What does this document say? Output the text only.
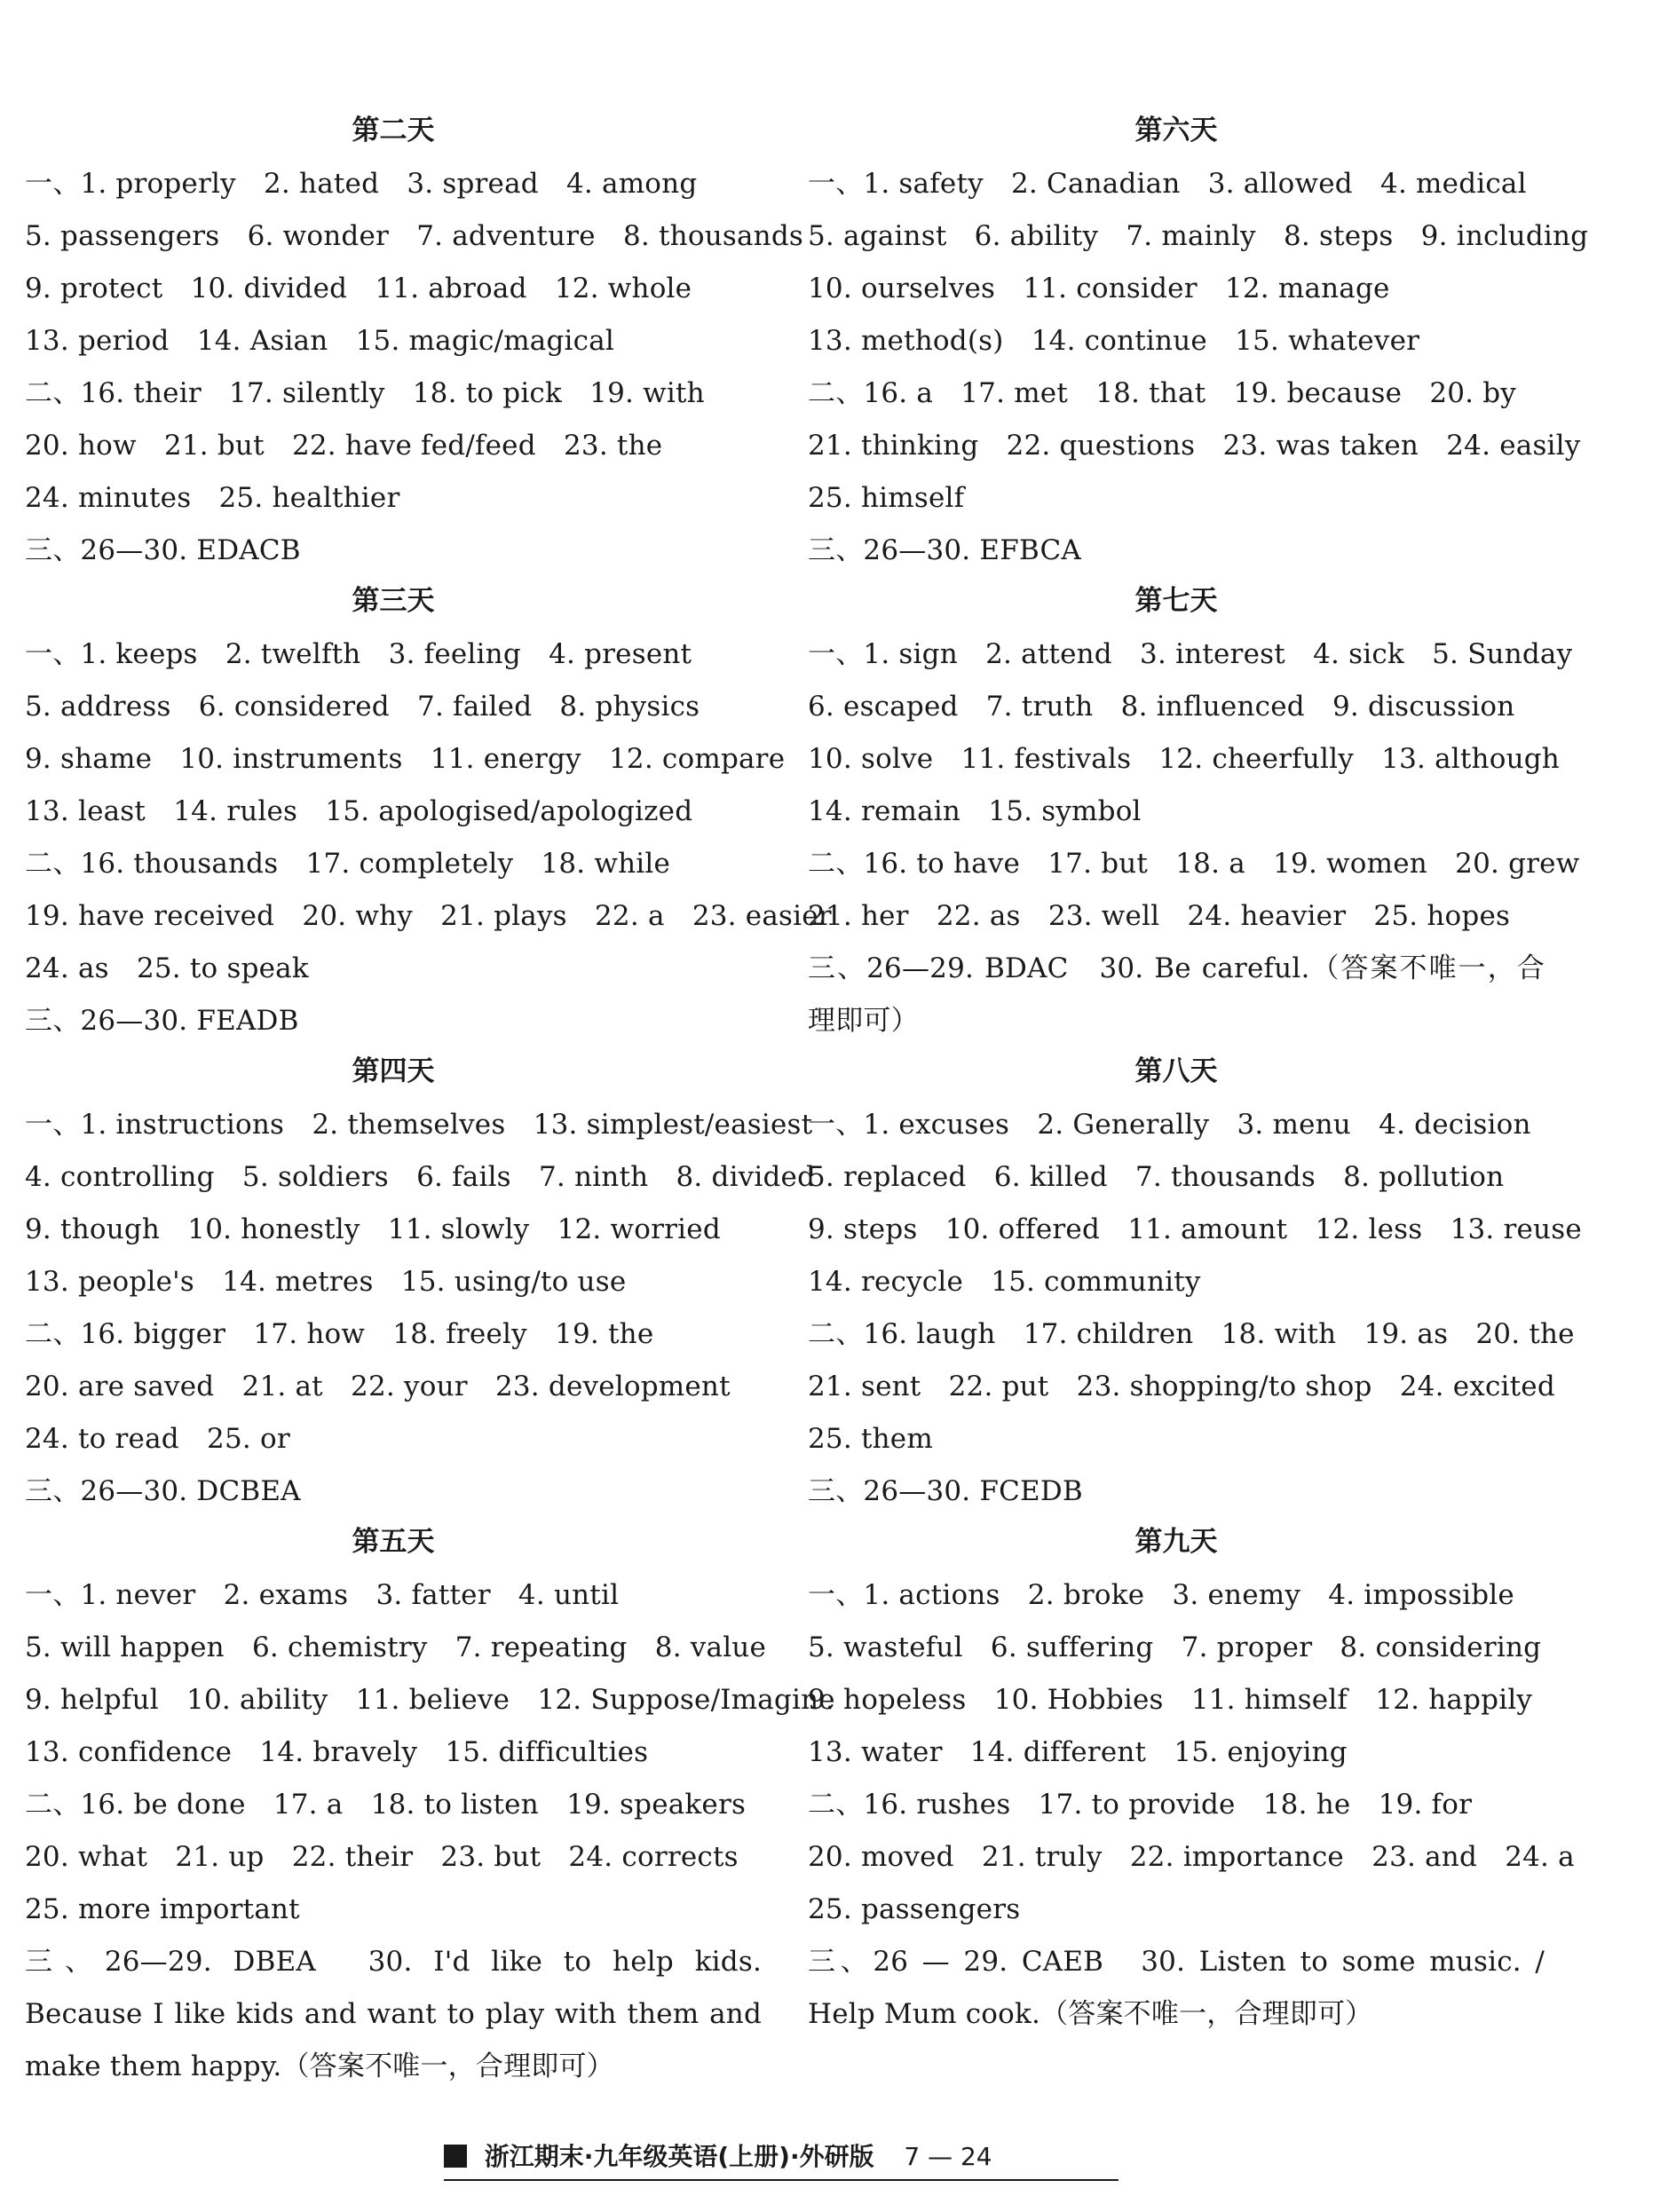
第二天
一、1. properly　2. hated　3. spread　4. among
5. passengers　6. wonder　7. adventure　8. thousands
9. protect　10. divided　11. abroad　12. whole
13. period　14. Asian　15. magic/magical
二、16. their　17. silently　18. to pick　19. with
20. how　21. but　22. have fed/feed　23. the
24. minutes　25. healthier
三、26—30. EDACB
第三天
一、1. keeps　2. twelfth　3. feeling　4. present
5. address　6. considered　7. failed　8. physics
9. shame　10. instruments　11. energy　12. compare
13. least　14. rules　15. apologised/apologized
二、16. thousands　17. completely　18. while
19. have received　20. why　21. plays　22. a　23. easier
24. as　25. to speak
三、26—30. FEADB
第四天
一、1. instructions　2. themselves　13. simplest/easiest
4. controlling　5. soldiers　6. fails　7. ninth　8. divided
9. though　10. honestly　11. slowly　12. worried
13. people's　14. metres　15. using/to use
二、16. bigger　17. how　18. freely　19. the
20. are saved　21. at　22. your　23. development
24. to read　25. or
三、26—30. DCBEA
第五天
一、1. never　2. exams　3. fatter　4. until
5. will happen　6. chemistry　7. repeating　8. value
9. helpful　10. ability　11. believe　12. Suppose/Imagine
13. confidence　14. bravely　15. difficulties
二、16. be done　17. a　18. to listen　19. speakers
20. what　21. up　22. their　23. but　24. corrects
25. more important
三、26—29. DBEA　30. I'd like to help kids. Because I like kids and want to play with them and make them happy.（答案不唯一，合理即可）
第六天
一、1. safety　2. Canadian　3. allowed　4. medical
5. against　6. ability　7. mainly　8. steps　9. including
10. ourselves　11. consider　12. manage
13. method(s)　14. continue　15. whatever
二、16. a　17. met　18. that　19. because　20. by
21. thinking　22. questions　23. was taken　24. easily
25. himself
三、26—30. EFBCA
第七天
一、1. sign　2. attend　3. interest　4. sick　5. Sunday
6. escaped　7. truth　8. influenced　9. discussion
10. solve　11. festivals　12. cheerfully　13. although
14. remain　15. symbol
二、16. to have　17. but　18. a　19. women　20. grew
21. her　22. as　23. well　24. heavier　25. hopes
三、26—29. BDAC　30. Be careful.（答案不唯一，合理即可）
第八天
一、1. excuses　2. Generally　3. menu　4. decision
5. replaced　6. killed　7. thousands　8. pollution
9. steps　10. offered　11. amount　12. less　13. reuse
14. recycle　15. community
二、16. laugh　17. children　18. with　19. as　20. the
21. sent　22. put　23. shopping/to shop　24. excited
25. them
三、26—30. FCEDB
第九天
一、1. actions　2. broke　3. enemy　4. impossible
5. wasteful　6. suffering　7. proper　8. considering
9. hopeless　10. Hobbies　11. himself　12. happily
13. water　14. different　15. enjoying
二、16. rushes　17. to provide　18. he　19. for
20. moved　21. truly　22. importance　23. and　24. a
25. passengers
三、26 — 29. CAEB　30. Listen to some music. / Help Mum cook.（答案不唯一，合理即可）
浙江期末·九年级英语(上册)·外研版 7 — 24
